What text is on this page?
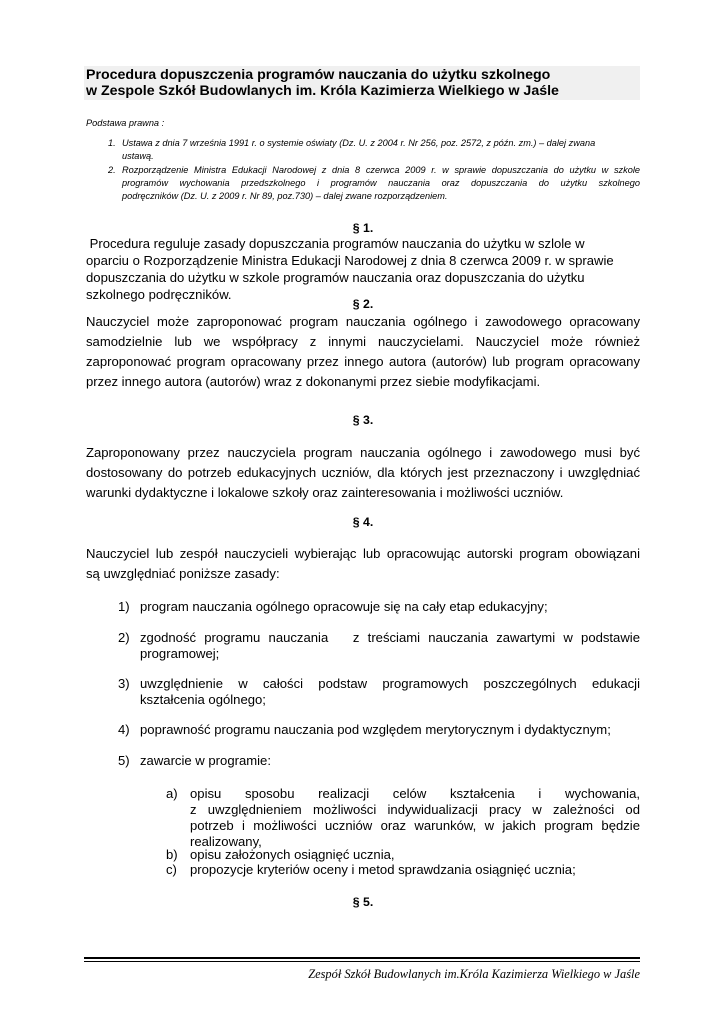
Procedura dopuszczenia programów nauczania do użytku szkolnego
w Zespole Szkół Budowlanych im. Króla Kazimierza Wielkiego w Jaśle
Podstawa prawna :
1. Ustawa z dnia 7 września 1991 r. o systemie oświaty (Dz. U. z 2004 r. Nr 256, poz. 2572, z późn. zm.) – dalej zwana
ustawą.
2. Rozporządzenie Ministra Edukacji Narodowej z dnia 8 czerwca 2009 r. w sprawie dopuszczania do użytku w szkole
programów wychowania przedszkolnego i programów nauczania oraz dopuszczania do użytku szkolnego
podręczników (Dz. U. z 2009 r. Nr 89, poz.730) – dalej zwane rozporządzeniem.
§ 1.
Procedura reguluje zasady dopuszczania programów nauczania do użytku w szlole w
oparciu o Rozporządzenie Ministra Edukacji Narodowej z dnia 8 czerwca 2009 r. w sprawie
dopuszczania do użytku w szkole programów nauczania oraz dopuszczania do użytku
szkolnego podręczników.
§ 2.
Nauczyciel może zaproponować program nauczania ogólnego i zawodowego opracowany
samodzielnie lub we współpracy z innymi nauczycielami. Nauczyciel może również
zaproponować program opracowany przez innego autora (autorów) lub program opracowany
przez innego autora (autorów) wraz z dokonanymi przez siebie modyfikacjami.
§ 3.
Zaproponowany przez nauczyciela program nauczania ogólnego i zawodowego musi być
dostosowany do potrzeb edukacyjnych uczniów, dla których jest przeznaczony i uwzględniać
warunki dydaktyczne i lokalowe szkoły oraz zainteresowania i możliwości uczniów.
§ 4.
Nauczyciel lub zespół nauczycieli wybierając lub opracowując autorski program obowiązani
są uwzględniać poniższe zasady:
1) program nauczania ogólnego opracowuje się na cały etap edukacyjny;
2) zgodność programu nauczania   z treściami nauczania zawartymi w podstawie
programowej;
3) uwzględnienie w całości podstaw programowych poszczególnych edukacji
kształcenia ogólnego;
4) poprawność programu nauczania pod względem merytorycznym i dydaktycznym;
5) zawarcie w programie:
a) opisu sposobu realizacji celów kształcenia i wychowania,
z uwzględnieniem możliwości indywidualizacji pracy w zależności od
potrzeb i możliwości uczniów oraz warunków, w jakich program będzie
realizowany,
b) opisu założonych osiągnięć ucznia,
c) propozycje kryteriów oceny i metod sprawdzania osiągnięć ucznia;
§ 5.
Zespół Szkół Budowlanych im.Króla Kazimierza Wielkiego w Jaśle
